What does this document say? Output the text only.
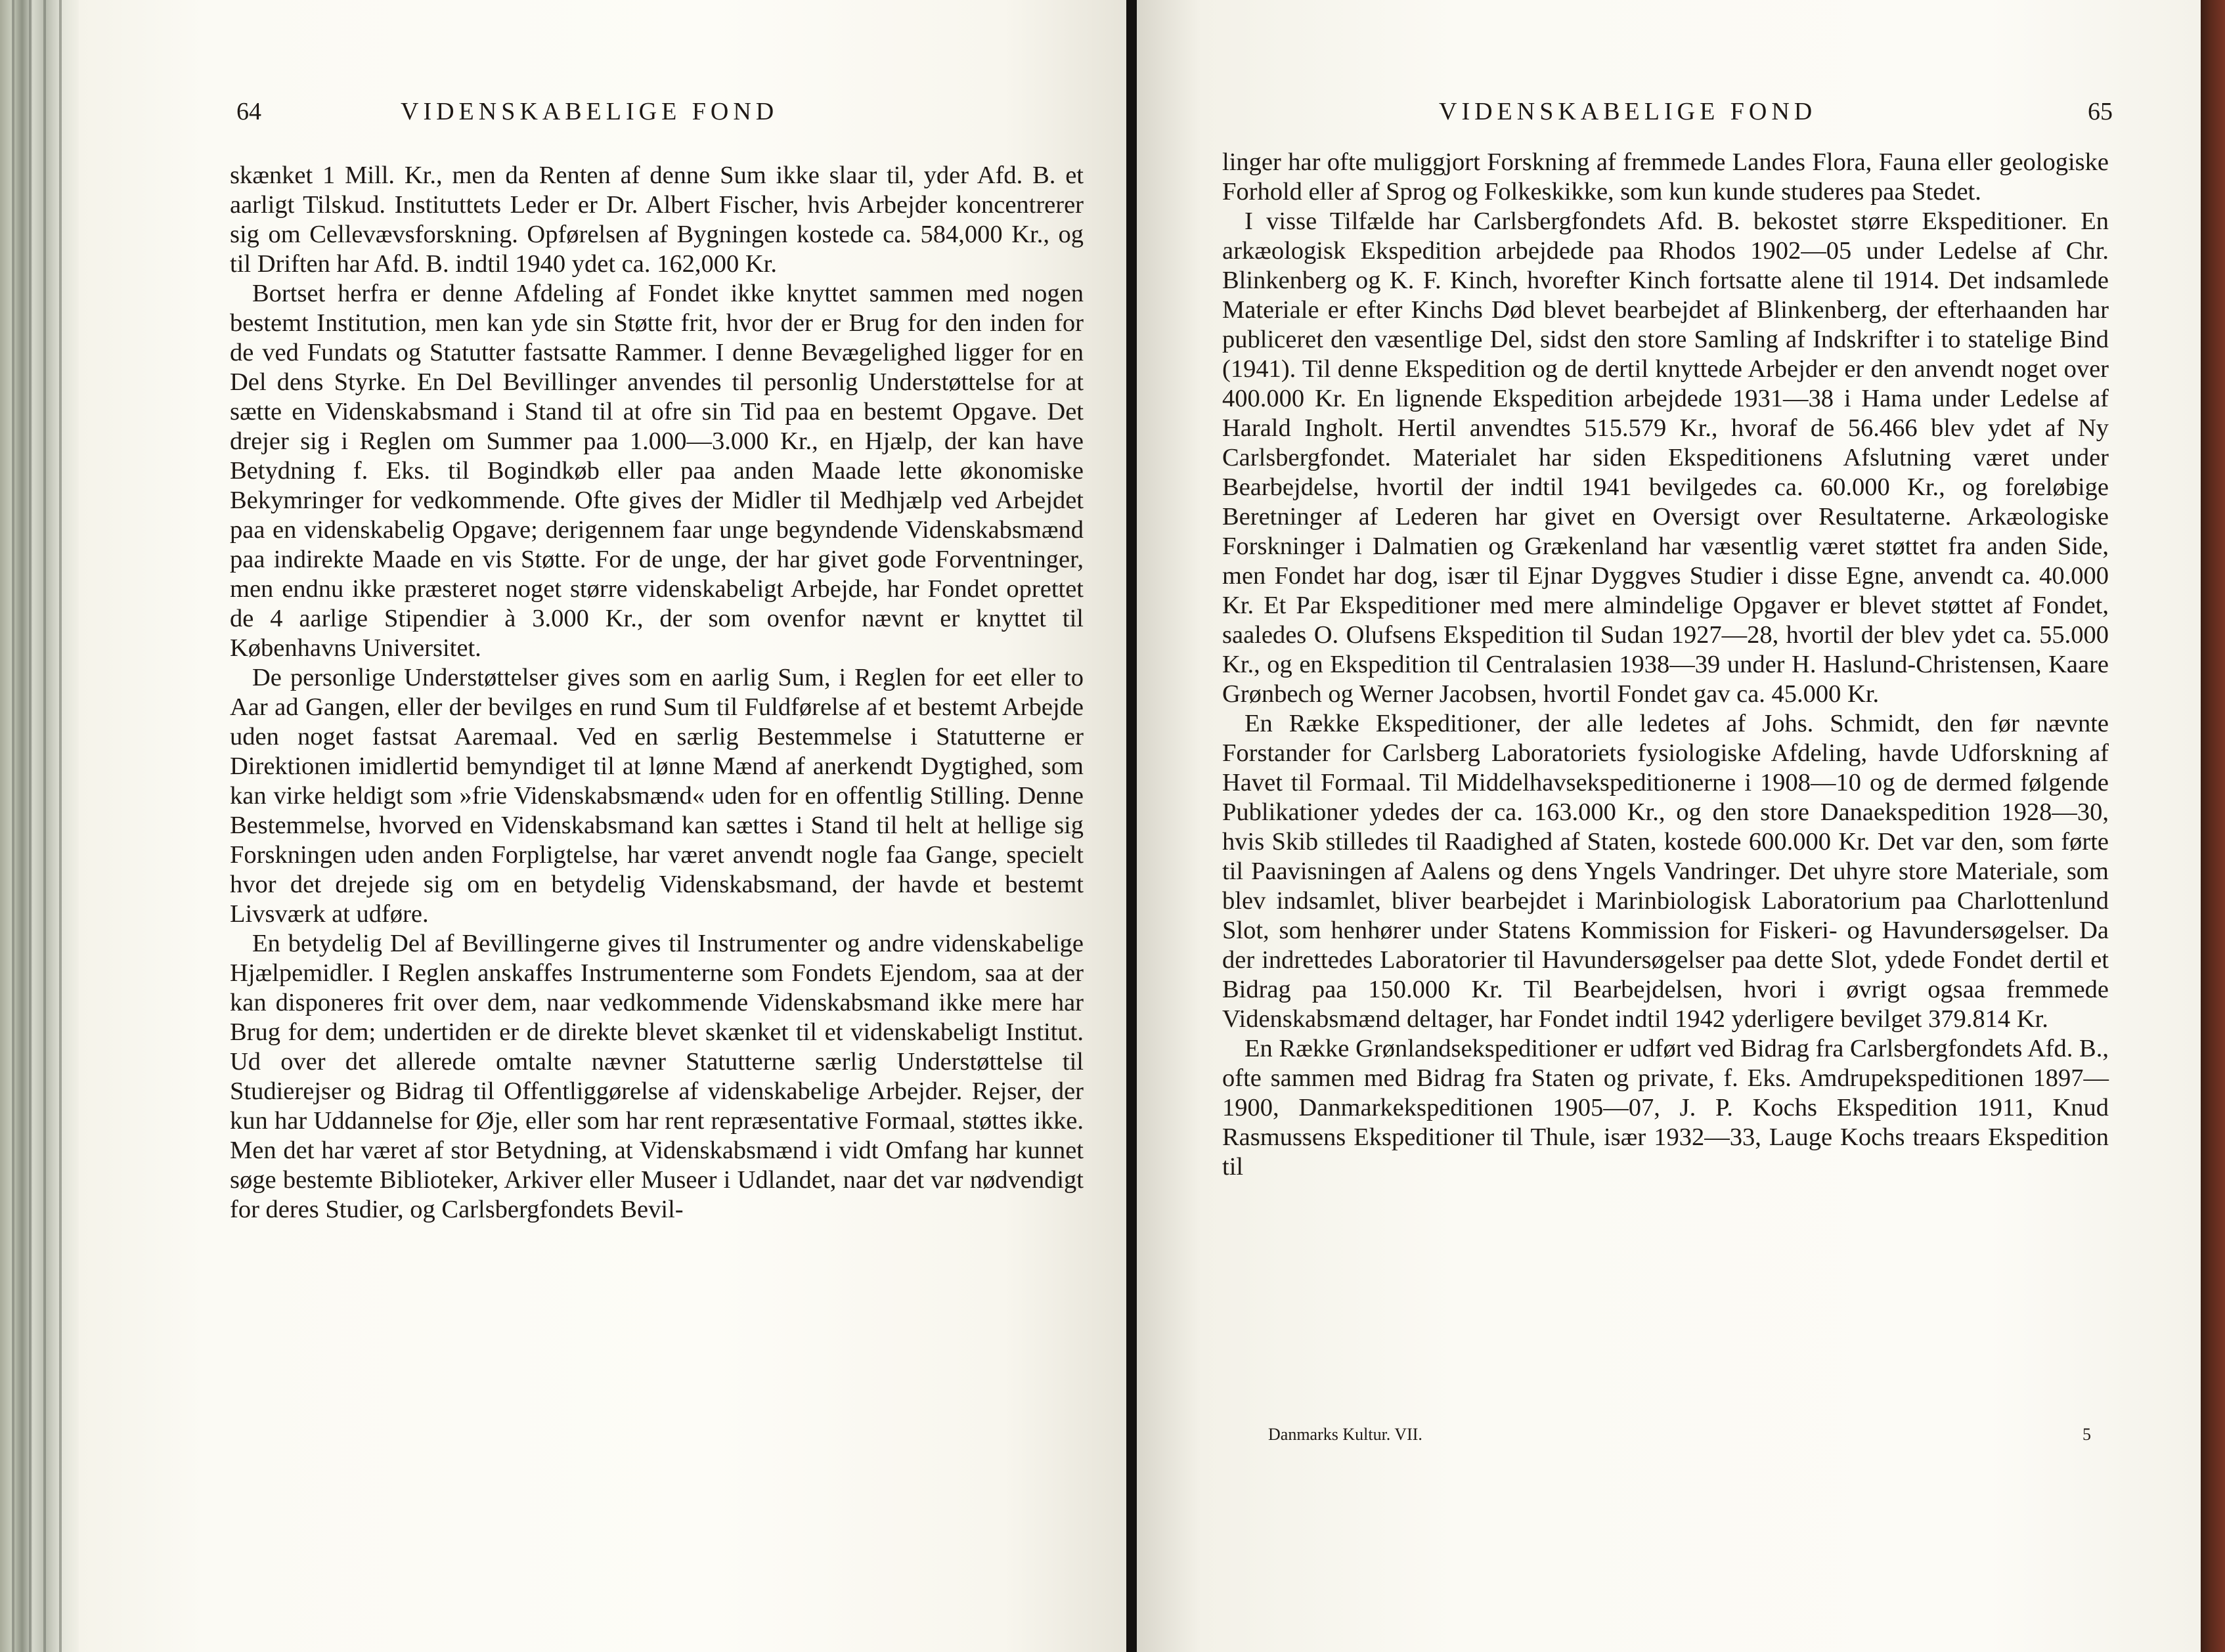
64	VIDENSKABELIGE FOND

skænket 1 Mill. Kr., men da Renten af denne Sum ikke slaar til, yder Afd. B. et aarligt Tilskud. Instituttets Leder er Dr. Albert Fischer, hvis Arbejder koncentrerer sig om Cellevævsforskning. Opførelsen af Bygningen kostede ca. 584,000 Kr., og til Driften har Afd. B. indtil 1940 ydet ca. 162,000 Kr.

Bortset herfra er denne Afdeling af Fondet ikke knyttet sammen med nogen bestemt Institution, men kan yde sin Støtte frit, hvor der er Brug for den inden for de ved Fundats og Statutter fastsatte Rammer. I denne Bevægelighed ligger for en Del dens Styrke. En Del Bevillinger anvendes til personlig Understøttelse for at sætte en Videnskabsmand i Stand til at ofre sin Tid paa en bestemt Opgave. Det drejer sig i Reglen om Summer paa 1.000—3.000 Kr., en Hjælp, der kan have Betydning f. Eks. til Bogindkøb eller paa anden Maade lette økonomiske Bekymringer for vedkommende. Ofte gives der Midler til Medhjælp ved Arbejdet paa en videnskabelig Opgave; derigennem faar unge begyndende Videnskabsmænd paa indirekte Maade en vis Støtte. For de unge, der har givet gode Forventninger, men endnu ikke præsteret noget større videnskabeligt Arbejde, har Fondet oprettet de 4 aarlige Stipendier à 3.000 Kr., der som ovenfor nævnt er knyttet til Københavns Universitet.

De personlige Understøttelser gives som en aarlig Sum, i Reglen for eet eller to Aar ad Gangen, eller der bevilges en rund Sum til Fuldførelse af et bestemt Arbejde uden noget fastsat Aaremaal. Ved en særlig Bestemmelse i Statutterne er Direktionen imidlertid bemyndiget til at lønne Mænd af anerkendt Dygtighed, som kan virke heldigt som »frie Videnskabsmænd« uden for en offentlig Stilling. Denne Bestemmelse, hvorved en Videnskabsmand kan sættes i Stand til helt at hellige sig Forskningen uden anden Forpligtelse, har været anvendt nogle faa Gange, specielt hvor det drejede sig om en betydelig Videnskabsmand, der havde et bestemt Livsværk at udføre.

En betydelig Del af Bevillingerne gives til Instrumenter og andre videnskabelige Hjælpemidler. I Reglen anskaffes Instrumenterne som Fondets Ejendom, saa at der kan disponeres frit over dem, naar vedkommende Videnskabsmand ikke mere har Brug for dem; undertiden er de direkte blevet skænket til et videnskabeligt Institut. Ud over det allerede omtalte nævner Statutterne særlig Understøttelse til Studierejser og Bidrag til Offentliggørelse af videnskabelige Arbejder. Rejser, der kun har Uddannelse for Øje, eller som har rent repræsentative Formaal, støttes ikke. Men det har været af stor Betydning, at Videnskabsmænd i vidt Omfang har kunnet søge bestemte Biblioteker, Arkiver eller Museer i Udlandet, naar det var nødvendigt for deres Studier, og Carlsbergfondets Bevil-

VIDENSKABELIGE FOND	65

linger har ofte muliggjort Forskning af fremmede Landes Flora, Fauna eller geologiske Forhold eller af Sprog og Folkeskikke, som kun kunde studeres paa Stedet.

I visse Tilfælde har Carlsbergfondets Afd. B. bekostet større Ekspeditioner. En arkæologisk Ekspedition arbejdede paa Rhodos 1902—05 under Ledelse af Chr. Blinkenberg og K. F. Kinch, hvorefter Kinch fortsatte alene til 1914. Det indsamlede Materiale er efter Kinchs Død blevet bearbejdet af Blinkenberg, der efterhaanden har publiceret den væsentlige Del, sidst den store Samling af Indskrifter i to statelige Bind (1941). Til denne Ekspedition og de dertil knyttede Arbejder er den anvendt noget over 400.000 Kr. En lignende Ekspedition arbejdede 1931—38 i Hama under Ledelse af Harald Ingholt. Hertil anvendtes 515.579 Kr., hvoraf de 56.466 blev ydet af Ny Carlsbergfondet. Materialet har siden Ekspeditionens Afslutning været under Bearbejdelse, hvortil der indtil 1941 bevilgedes ca. 60.000 Kr., og foreløbige Beretninger af Lederen har givet en Oversigt over Resultaterne. Arkæologiske Forskninger i Dalmatien og Grækenland har væsentlig været støttet fra anden Side, men Fondet har dog, især til Ejnar Dyggves Studier i disse Egne, anvendt ca. 40.000 Kr. Et Par Ekspeditioner med mere almindelige Opgaver er blevet støttet af Fondet, saaledes O. Olufsens Ekspedition til Sudan 1927—28, hvortil der blev ydet ca. 55.000 Kr., og en Ekspedition til Centralasien 1938—39 under H. Haslund-Christensen, Kaare Grønbech og Werner Jacobsen, hvortil Fondet gav ca. 45.000 Kr.

En Række Ekspeditioner, der alle ledetes af Johs. Schmidt, den før nævnte Forstander for Carlsberg Laboratoriets fysiologiske Afdeling, havde Udforskning af Havet til Formaal. Til Middelhavsekspeditionerne i 1908—10 og de dermed følgende Publikationer ydedes der ca. 163.000 Kr., og den store Danaekspedition 1928—30, hvis Skib stilledes til Raadighed af Staten, kostede 600.000 Kr. Det var den, som førte til Paavisningen af Aalens og dens Yngels Vandringer. Det uhyre store Materiale, som blev indsamlet, bliver bearbejdet i Marinbiologisk Laboratorium paa Charlottenlund Slot, som henhører under Statens Kommission for Fiskeri- og Havundersøgelser. Da der indrettedes Laboratorier til Havundersøgelser paa dette Slot, ydede Fondet dertil et Bidrag paa 150.000 Kr. Til Bearbejdelsen, hvori i øvrigt ogsaa fremmede Videnskabsmænd deltager, har Fondet indtil 1942 yderligere bevilget 379.814 Kr.

En Række Grønlandsekspeditioner er udført ved Bidrag fra Carlsbergfondets Afd. B., ofte sammen med Bidrag fra Staten og private, f. Eks. Amdrupekspeditionen 1897—1900, Danmarkekspeditionen 1905—07, J. P. Kochs Ekspedition 1911, Knud Rasmussens Ekspeditioner til Thule, især 1932—33, Lauge Kochs treaars Ekspedition til

Danmarks Kultur. VII.	5
